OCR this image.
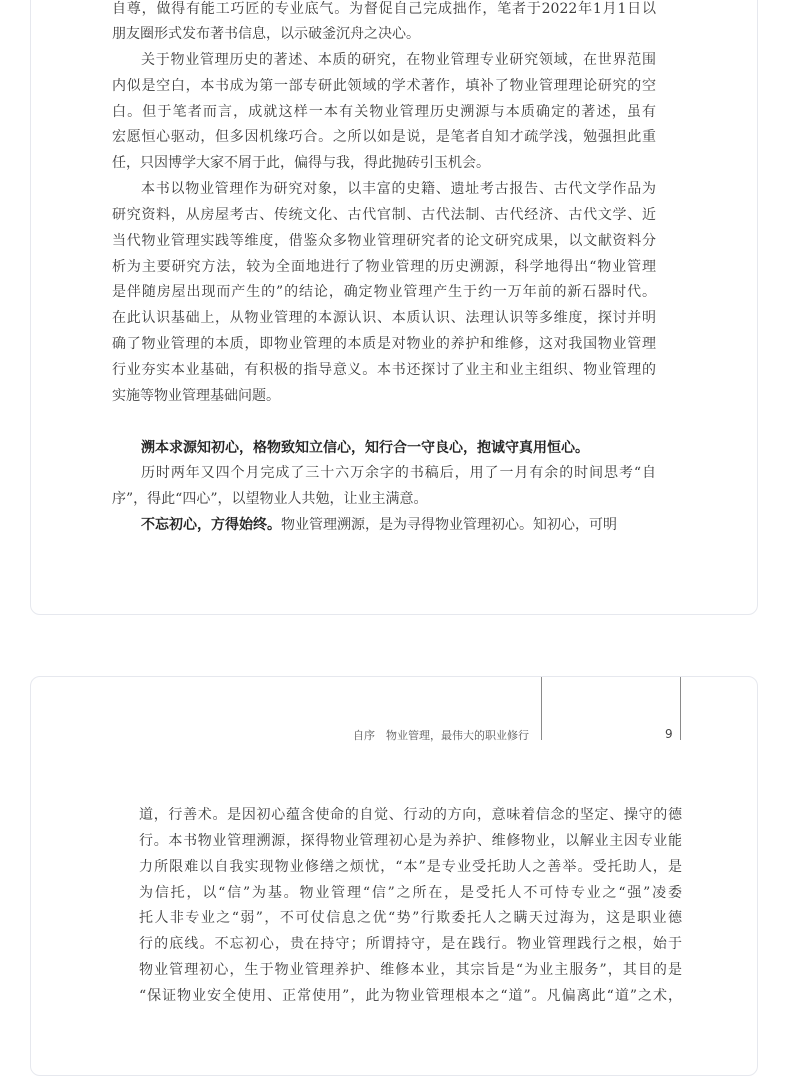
自尊，做得有能工巧匠的专业底气。为督促自己完成拙作，笔者于2022年1月1日以
朋友圈形式发布著书信息，以示破釜沉舟之决心。
关于物业管理历史的著述、本质的研究，在物业管理专业研究领域，在世界范围
内似是空白，本书成为第一部专研此领域的学术著作，填补了物业管理理论研究的空
白。但于笔者而言，成就这样一本有关物业管理历史溯源与本质确定的著述，虽有
宏愿恒心驱动，但多因机缘巧合。之所以如是说，是笔者自知才疏学浅，勉强担此重
任，只因博学大家不屑于此，偏得与我，得此抛砖引玉机会。
本书以物业管理作为研究对象，以丰富的史籍、遗址考古报告、古代文学作品为
研究资料，从房屋考古、传统文化、古代官制、古代法制、古代经济、古代文学、近
当代物业管理实践等维度，借鉴众多物业管理研究者的论文研究成果，以文献资料分
析为主要研究方法，较为全面地进行了物业管理的历史溯源，科学地得出“物业管理
是伴随房屋出现而产生的”的结论，确定物业管理产生于约一万年前的新石器时代。
在此认识基础上，从物业管理的本源认识、本质认识、法理认识等多维度，探讨并明
确了物业管理的本质，即物业管理的本质是对物业的养护和维修，这对我国物业管理
行业夯实本业基础，有积极的指导意义。本书还探讨了业主和业主组织、物业管理的
实施等物业管理基础问题。
溯本求源知初心，格物致知立信心，知行合一守良心，抱诚守真用恒心。
历时两年又四个月完成了三十六万余字的书稿后，用了一月有余的时间思考“自
序”，得此“四心”，以望物业人共勉，让业主满意。
不忘初心，方得始终。物业管理溯源，是为寻得物业管理初心。知初心，可明
自序　物业管理，最伟大的职业修行	9
道，行善术。是因初心蕴含使命的自觉、行动的方向，意味着信念的坚定、操守的德
行。本书物业管理溯源，探得物业管理初心是为养护、维修物业，以解业主因专业能
力所限难以自我实现物业修缮之烦忧，“本”是专业受托助人之善举。受托助人，是
为信托，以“信”为基。物业管理“信”之所在，是受托人不可恃专业之“强”凌委
托人非专业之“弱”，不可仗信息之优“势”行欺委托人之瞒天过海为，这是职业德
行的底线。不忘初心，贵在持守；所谓持守，是在践行。物业管理践行之根，始于
物业管理初心，生于物业管理养护、维修本业，其宗旨是“为业主服务”，其目的是
“保证物业安全使用、正常使用”，此为物业管理根本之“道”。凡偏离此“道”之术，
